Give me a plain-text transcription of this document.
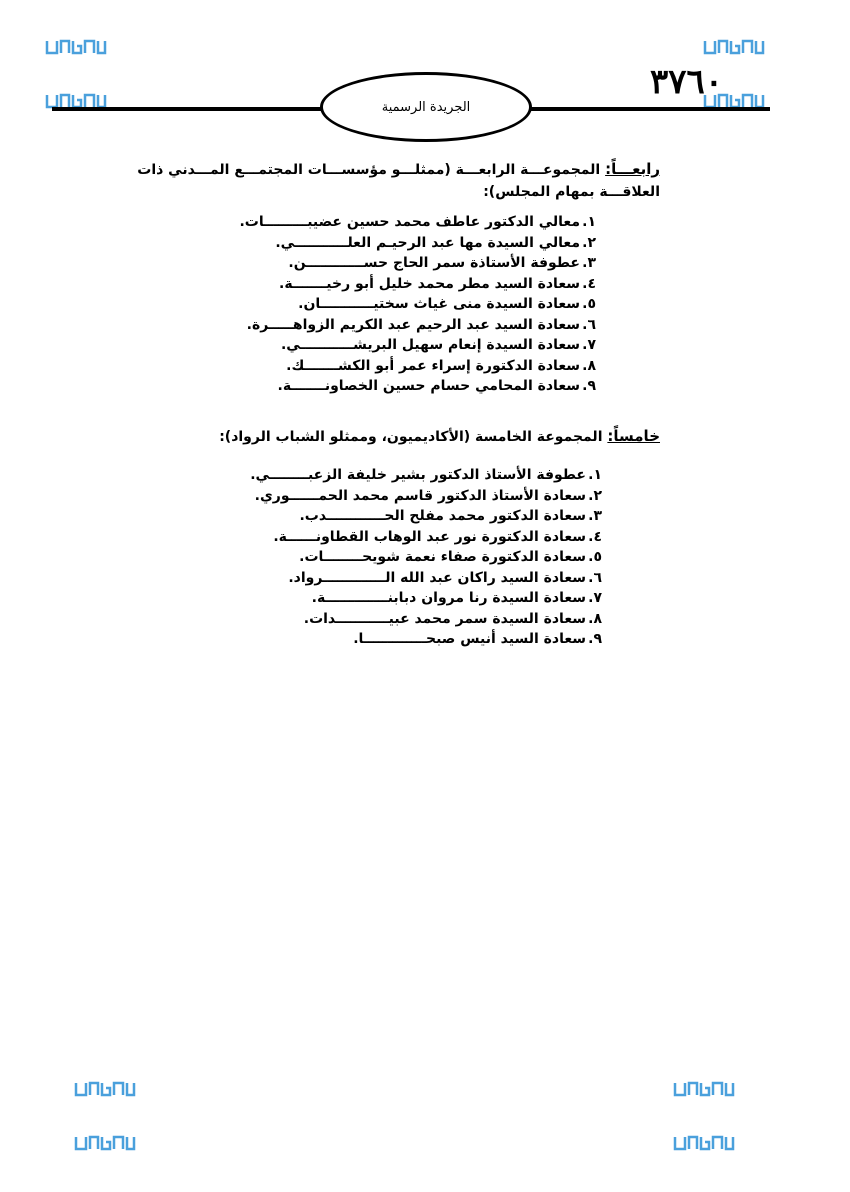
٣٧٦٠
الجريدة الرسمية
رابعـــاً: المجموعـــة الرابعـــة (ممثلـــو مؤسســـات المجتمـــع المـــدني ذات العلاقـــة بمهام المجلس):
١.معالي الدكتور عاطف محمد حسين عضيبـــــــــات.
٢.معالي السيدة مها عبد الرحيـم العلـــــــــــي.
٣.عطوفة الأستاذة سمر الحاج حســــــــــــن.
٤.سعادة السيد مطر محمد خليل أبو رخيـــــــة.
٥.سعادة السيدة منى غياث سختيـــــــــــان.
٦.سعادة السيد عبد الرحيم عبد الكريم الزواهـــــرة.
٧.سعادة السيدة إنعام سهيل البريشـــــــــــي.
٨.سعادة الدكتورة إسراء عمر أبو الكشـــــــك.
٩.سعادة المحامي حسام حسين الخصاونـــــــة.
خامساً: المجموعة الخامسة (الأكاديميون، وممثلو الشباب الرواد):
١.عطوفة الأستاذ الدكتور بشير خليفة الزعبــــــــي.
٢.سعادة الأستاذ الدكتور قاسم محمد الحمــــــوري.
٣.سعادة الدكتور محمد مفلح الحــــــــــــدب.
٤.سعادة الدكتورة نور عبد الوهاب القطاونــــــة.
٥.سعادة الدكتورة صفاء نعمة شويحــــــــات.
٦.سعادة السيد راكان عبد الله الـــــــــــــرواد.
٧.سعادة السيدة رنا مروان دبابنـــــــــــــة.
٨.سعادة السيدة سمر محمد عبيـــــــــــدات.
٩.سعادة السيد أنيس صبحـــــــــــــا.
